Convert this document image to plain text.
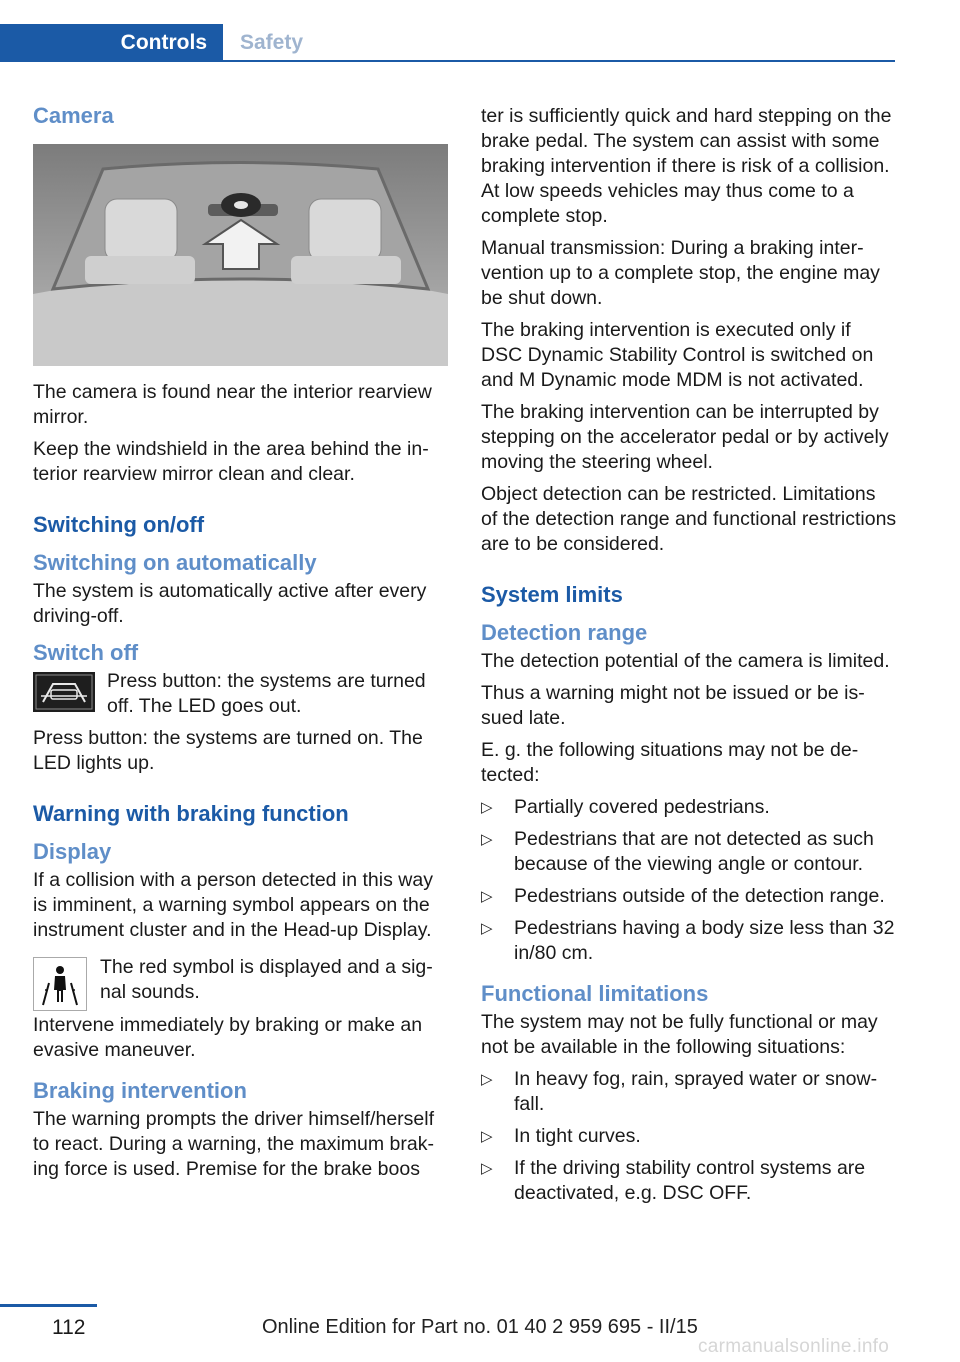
Controls Safety
Camera

The camera is found near the interior rearview mirror.

Keep the windshield in the area behind the interior rearview mirror clean and clear.

Switching on/off
Switching on automatically

The system is automatically active after every driving-off.

Switch off

Press button: the systems are turned off. The LED goes out.

Press button: the systems are turned on. The LED lights up.

Warning with braking function
Display

If a collision with a person detected in this way is imminent, a warning symbol appears on the instrument cluster and in the Head-up Display.

The red symbol is displayed and a signal sounds.

Intervene immediately by braking or make an evasive maneuver.

Braking intervention

The warning prompts the driver himself/herself to react. During a warning, the maximum braking force is used. Premise for the brake boos

ter is sufficiently quick and hard stepping on the brake pedal. The system can assist with some braking intervention if there is risk of a collision. At low speeds vehicles may thus come to a complete stop.

Manual transmission: During a braking intervention up to a complete stop, the engine may be shut down.

The braking intervention is executed only if DSC Dynamic Stability Control is switched on and M Dynamic mode MDM is not activated.

The braking intervention can be interrupted by stepping on the accelerator pedal or by actively moving the steering wheel.

Object detection can be restricted. Limitations of the detection range and functional restrictions are to be considered.

System limits
Detection range

The detection potential of the camera is limited.

Thus a warning might not be issued or be issued late.

E. g. the following situations may not be detected:

▷ Partially covered pedestrians.
▷ Pedestrians that are not detected as such because of the viewing angle or contour.
▷ Pedestrians outside of the detection range.
▷ Pedestrians having a body size less than 32 in/80 cm.
Functional limitations

The system may not be fully functional or may not be available in the following situations:

▷ In heavy fog, rain, sprayed water or snowfall.
▷ In tight curves.
▷ If the driving stability control systems are deactivated, e.g. DSC OFF.
112	Online Edition for Part no. 01 40 2 959 695 - II/15
carmanualsonline.info
